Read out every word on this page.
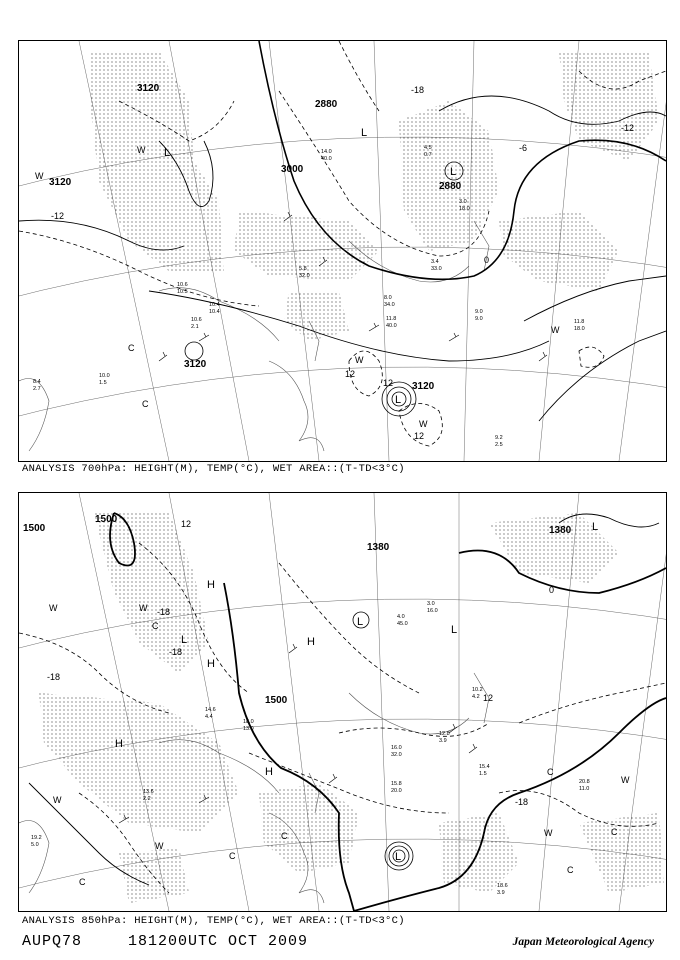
3120
3120
3000
2880
2880
3120
3120
-18
-12
-6
0
-12
12
12
12
L
L
L
L
W
W
W
W
W
C
C
10.0
1.5
8.4
2.7
9.2
2.5
11.8
18.0
9.0
9.0
11.8
40.0
8.0
34.0
10.4
10.4
10.6
10.5
10.6
2.1
3.4
33.0
4.5
0.7
3.0
18.0
14.0
40.0
5.8
32.0
ANALYSIS 700hPa: HEIGHT(M), TEMP(°C), WET AREA::(T-TD<3°C)
1500
1500
1380
1380
1500
12
-18
-18
0
-18
12
-18
L
L
L
L
L
H
H
H
H
H
W	W
W
W
W
W
C
C
C
C
C
C
C
15.4
1.5
18.6
3.9
20.8
11.0
19.2
5.0
16.0
32.0
15.8
20.0
12.8
3.9
10.2
4.2
18.0
13.0
14.6
4.4
4.0
45.0
3.0
16.0
13.6
2.2
ANALYSIS 850hPa: HEIGHT(M), TEMP(°C), WET AREA::(T-TD<3°C)
AUPQ78	181200UTC OCT 2009	Japan Meteorological Agency
